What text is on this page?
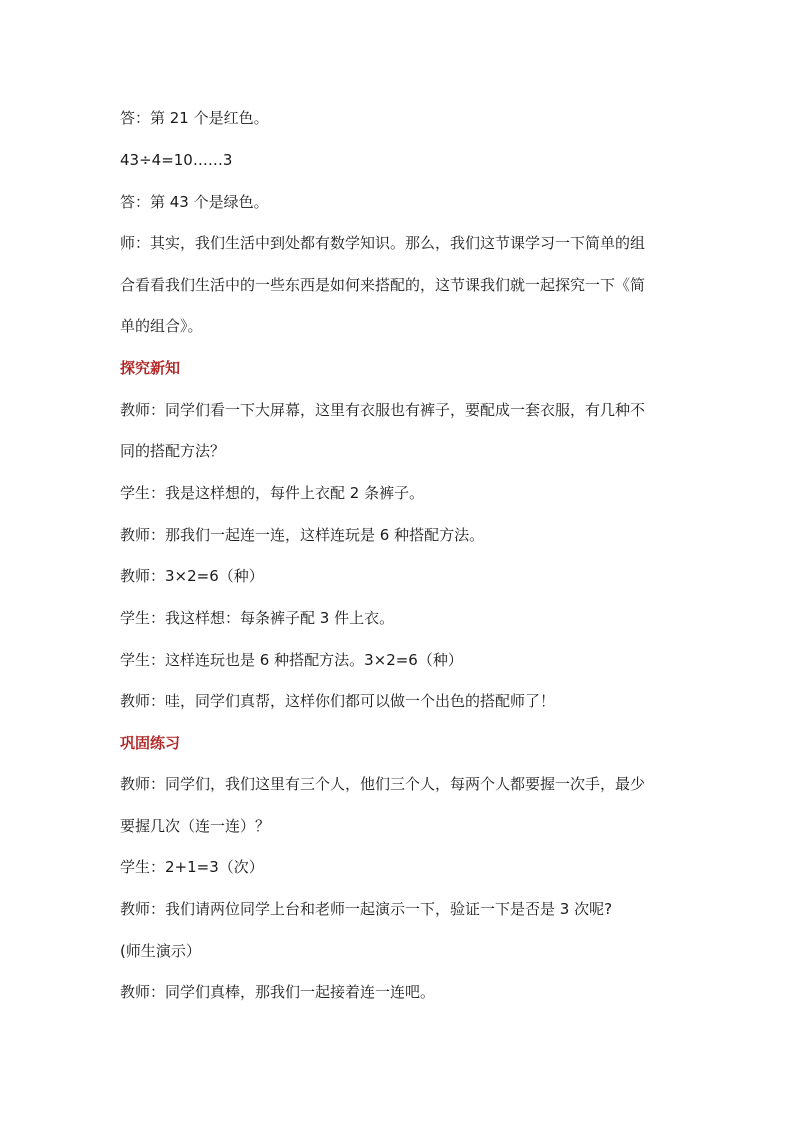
答：第 21 个是红色。
43÷4=10……3
答：第 43 个是绿色。
师：其实，我们生活中到处都有数学知识。那么，我们这节课学习一下简单的组
合看看我们生活中的一些东西是如何来搭配的，这节课我们就一起探究一下《简
单的组合》。
探究新知
教师：同学们看一下大屏幕，这里有衣服也有裤子，要配成一套衣服，有几种不
同的搭配方法？
学生：我是这样想的，每件上衣配 2 条裤子。
教师：那我们一起连一连，这样连玩是 6 种搭配方法。
教师：3×2=6（种）
学生：我这样想：每条裤子配 3 件上衣。
学生：这样连玩也是 6 种搭配方法。3×2=6（种）
教师：哇，同学们真帮，这样你们都可以做一个出色的搭配师了！
巩固练习
教师：同学们，我们这里有三个人，他们三个人，每两个人都要握一次手，最少
要握几次（连一连）？
学生：2+1=3（次）
教师：我们请两位同学上台和老师一起演示一下，验证一下是否是 3 次呢?
(师生演示）
教师：同学们真棒，那我们一起接着连一连吧。
